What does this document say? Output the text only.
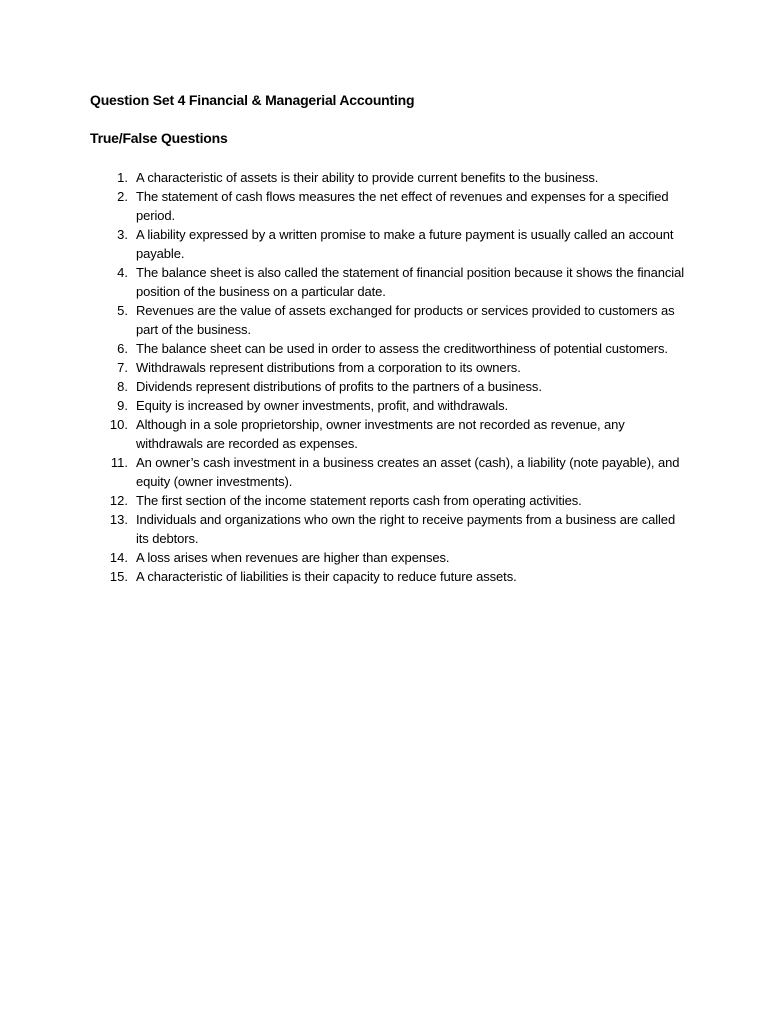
Question Set 4 Financial & Managerial Accounting
True/False Questions
1. A characteristic of assets is their ability to provide current benefits to the business.
2. The statement of cash flows measures the net effect of revenues and expenses for a specified period.
3. A liability expressed by a written promise to make a future payment is usually called an account payable.
4. The balance sheet is also called the statement of financial position because it shows the financial position of the business on a particular date.
5. Revenues are the value of assets exchanged for products or services provided to customers as part of the business.
6. The balance sheet can be used in order to assess the creditworthiness of potential customers.
7. Withdrawals represent distributions from a corporation to its owners.
8. Dividends represent distributions of profits to the partners of a business.
9. Equity is increased by owner investments, profit, and withdrawals.
10. Although in a sole proprietorship, owner investments are not recorded as revenue, any withdrawals are recorded as expenses.
11. An owner’s cash investment in a business creates an asset (cash), a liability (note payable), and equity (owner investments).
12. The first section of the income statement reports cash from operating activities.
13. Individuals and organizations who own the right to receive payments from a business are called its debtors.
14. A loss arises when revenues are higher than expenses.
15. A characteristic of liabilities is their capacity to reduce future assets.
